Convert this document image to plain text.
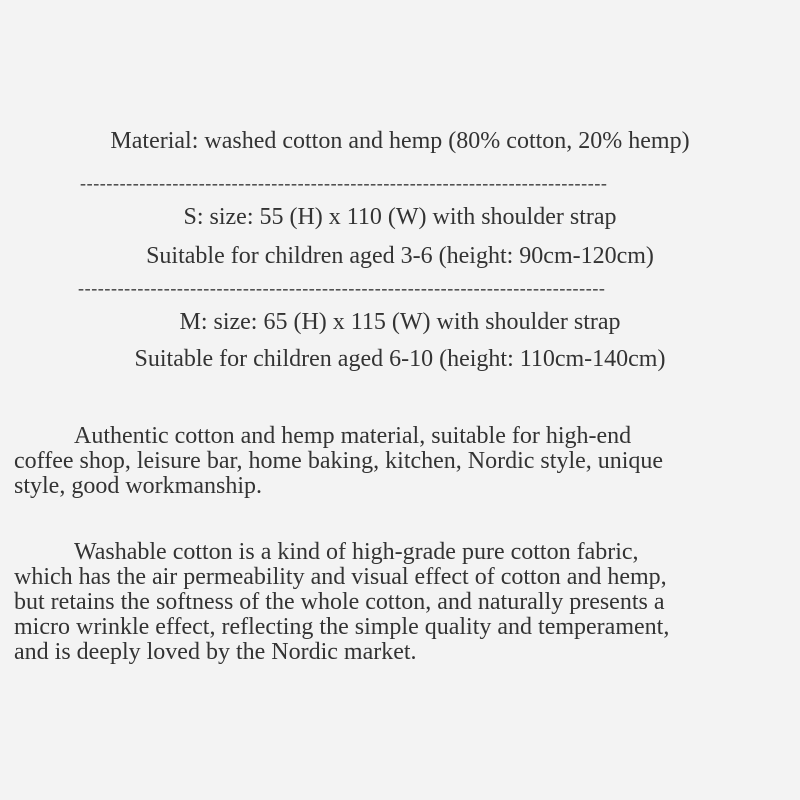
Material: washed cotton and hemp (80% cotton, 20% hemp)
--------------------------------------------------------------------------------
S: size: 55 (H) x 110 (W) with shoulder strap
Suitable for children aged 3-6 (height: 90cm-120cm)
--------------------------------------------------------------------------------
M: size: 65 (H) x 115 (W) with shoulder strap
Suitable for children aged 6-10 (height: 110cm-140cm)
Authentic cotton and hemp material, suitable for high-end
coffee shop, leisure bar, home baking, kitchen, Nordic style, unique
style, good workmanship.
Washable cotton is a kind of high-grade pure cotton fabric,
which has the air permeability and visual effect of cotton and hemp,
but retains the softness of the whole cotton, and naturally presents a
micro wrinkle effect, reflecting the simple quality and temperament,
and is deeply loved by the Nordic market.
